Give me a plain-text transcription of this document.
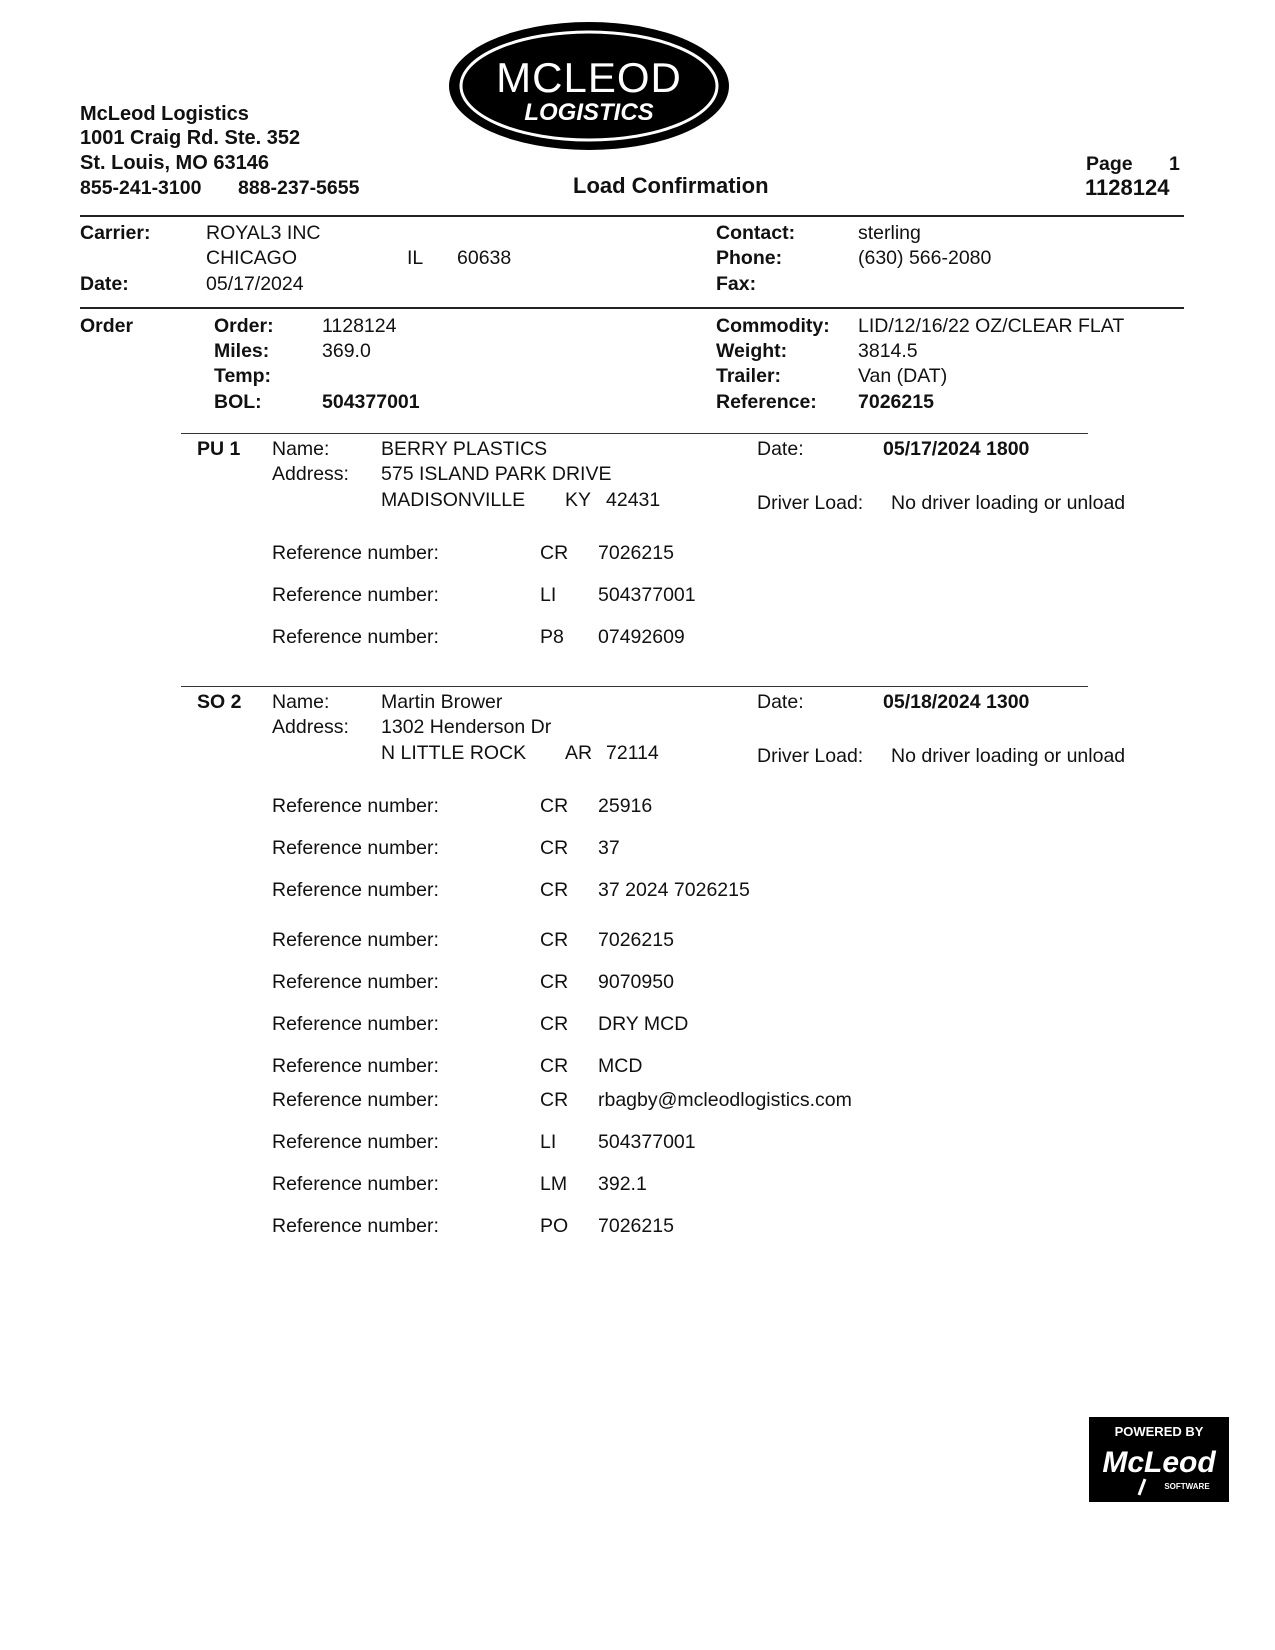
MCLEOD
LOGISTICS
McLeod Logistics
1001 Craig Rd. Ste. 352
St. Louis, MO 63146
855-241-3100 888-237-5655	Load Confirmation
Page 1
1128124
Carrier:	ROYAL3 INC
CHICAGO	IL 60638
Date:	05/17/2024
Contact:	sterling
Phone:	(630) 566-2080
Fax:
Order	Order: 1128124
Miles:	369.0
Temp:
BOL:	504377001
Commodity: LID/12/16/22 OZ/CLEAR FLAT
Weight:	3814.5
Trailer:	Van (DAT)
Reference: 7026215
PU 1 Name:	BERRY PLASTICS
Address: 575 ISLAND PARK DRIVE
MADISONVILLE KY 42431
Date:	05/17/2024 1800
Driver Load: No driver loading or unload
Reference number:	CR 7026215
Reference number:	LI 504377001
Reference number:	P8 07492609
SO 2 Name:	Martin Brower
Address: 1302 Henderson Dr
N LITTLE ROCK AR 72114
Date:	05/18/2024 1300
Driver Load: No driver loading or unload
Reference number:	CR 25916
Reference number:	CR 37
Reference number:	CR 37 2024 7026215
Reference number:	CR 7026215
Reference number:	CR 9070950
Reference number:	CR DRY MCD
Reference number:	CR MCD
Reference number:	CR rbagby@mcleodlogistics.com
Reference number:	LI 504377001
Reference number:	LM 392.1
Reference number:	PO 7026215
POWERED BY
McLeod
SOFTWARE
